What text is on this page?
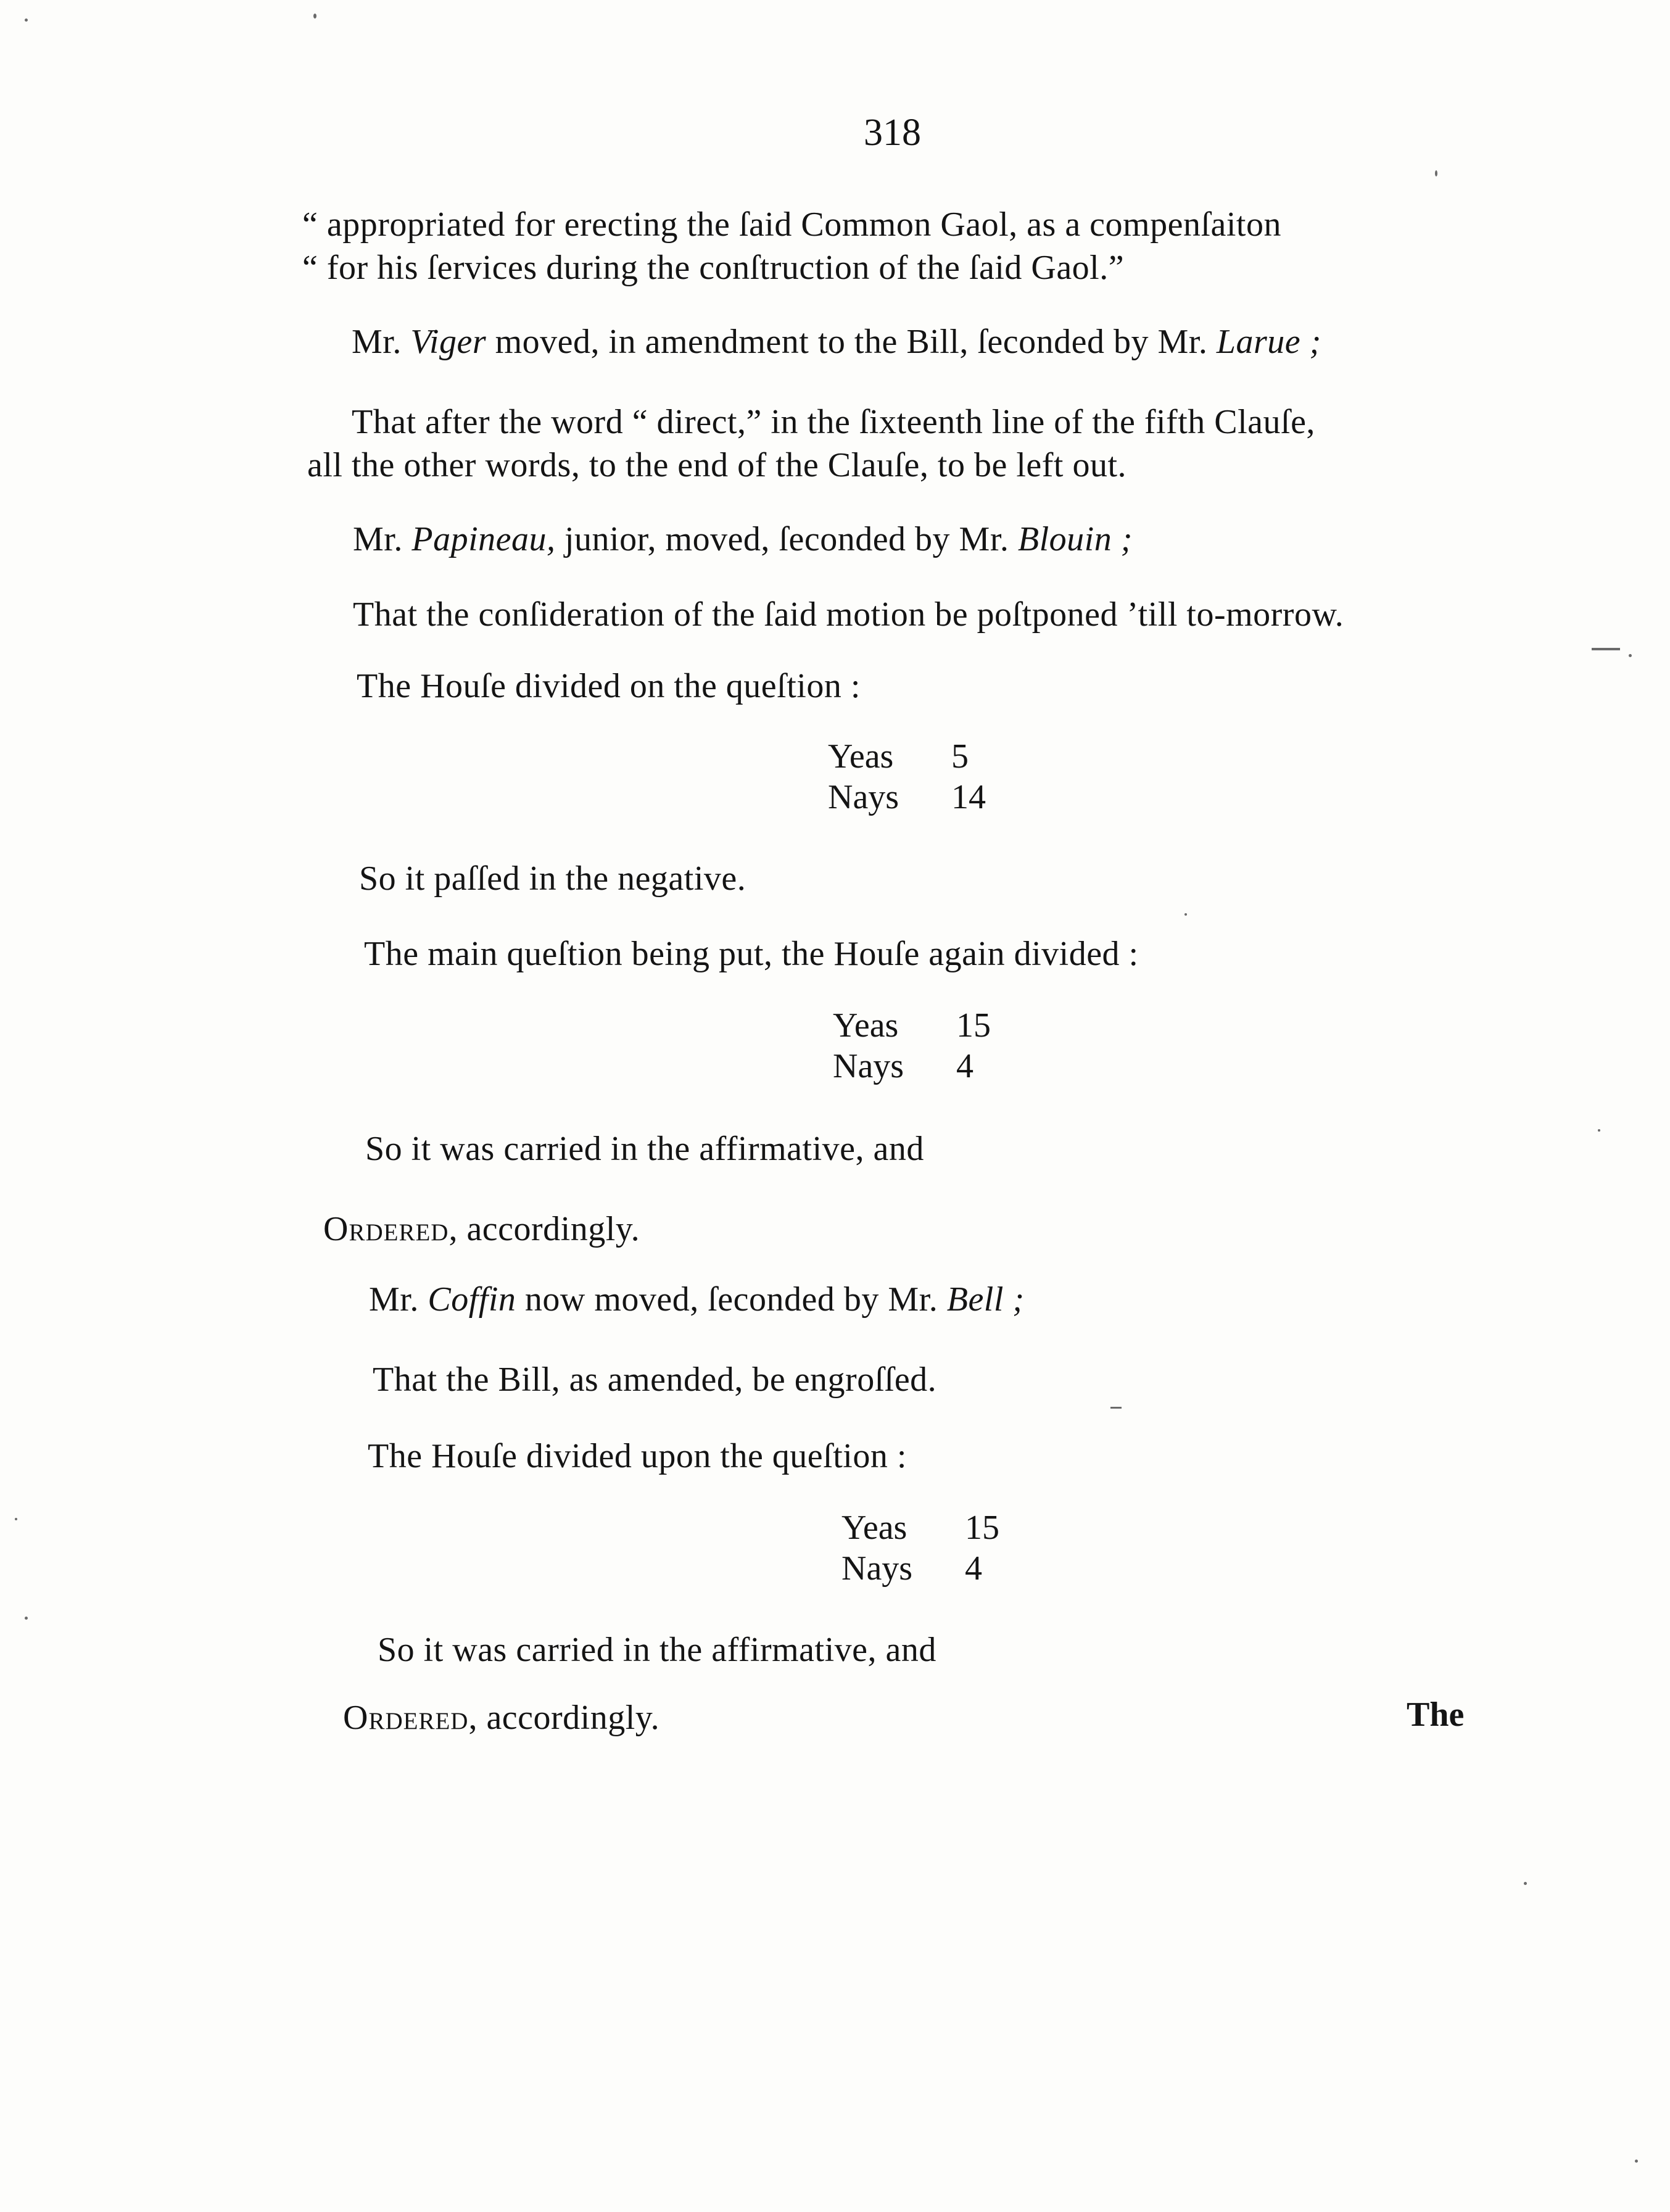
318
“ appropriated for erecting the ſaid Common Gaol, as a compenſaiton
“ for his ſervices during the conſtruction of the ſaid Gaol.”
Mr. Viger moved, in amendment to the Bill, ſeconded by Mr. Larue ;
That after the word “ direct,” in the ſixteenth line of the fifth Clauſe,
all the other words, to the end of the Clauſe, to be left out.
Mr. Papineau, junior, moved, ſeconded by Mr. Blouin ;
That the conſideration of the ſaid motion be poſtponed ’till to-morrow.
The Houſe divided on the queſtion :
Yeas 5
Nays 14
So it paſſed in the negative.
The main queſtion being put, the Houſe again divided :
Yeas 15
Nays 4
So it was carried in the affirmative, and
Ordered, accordingly.
Mr. Coffin now moved, ſeconded by Mr. Bell ;
That the Bill, as amended, be engroſſed.
The Houſe divided upon the queſtion :
Yeas 15
Nays 4
So it was carried in the affirmative, and
Ordered, accordingly.	The
